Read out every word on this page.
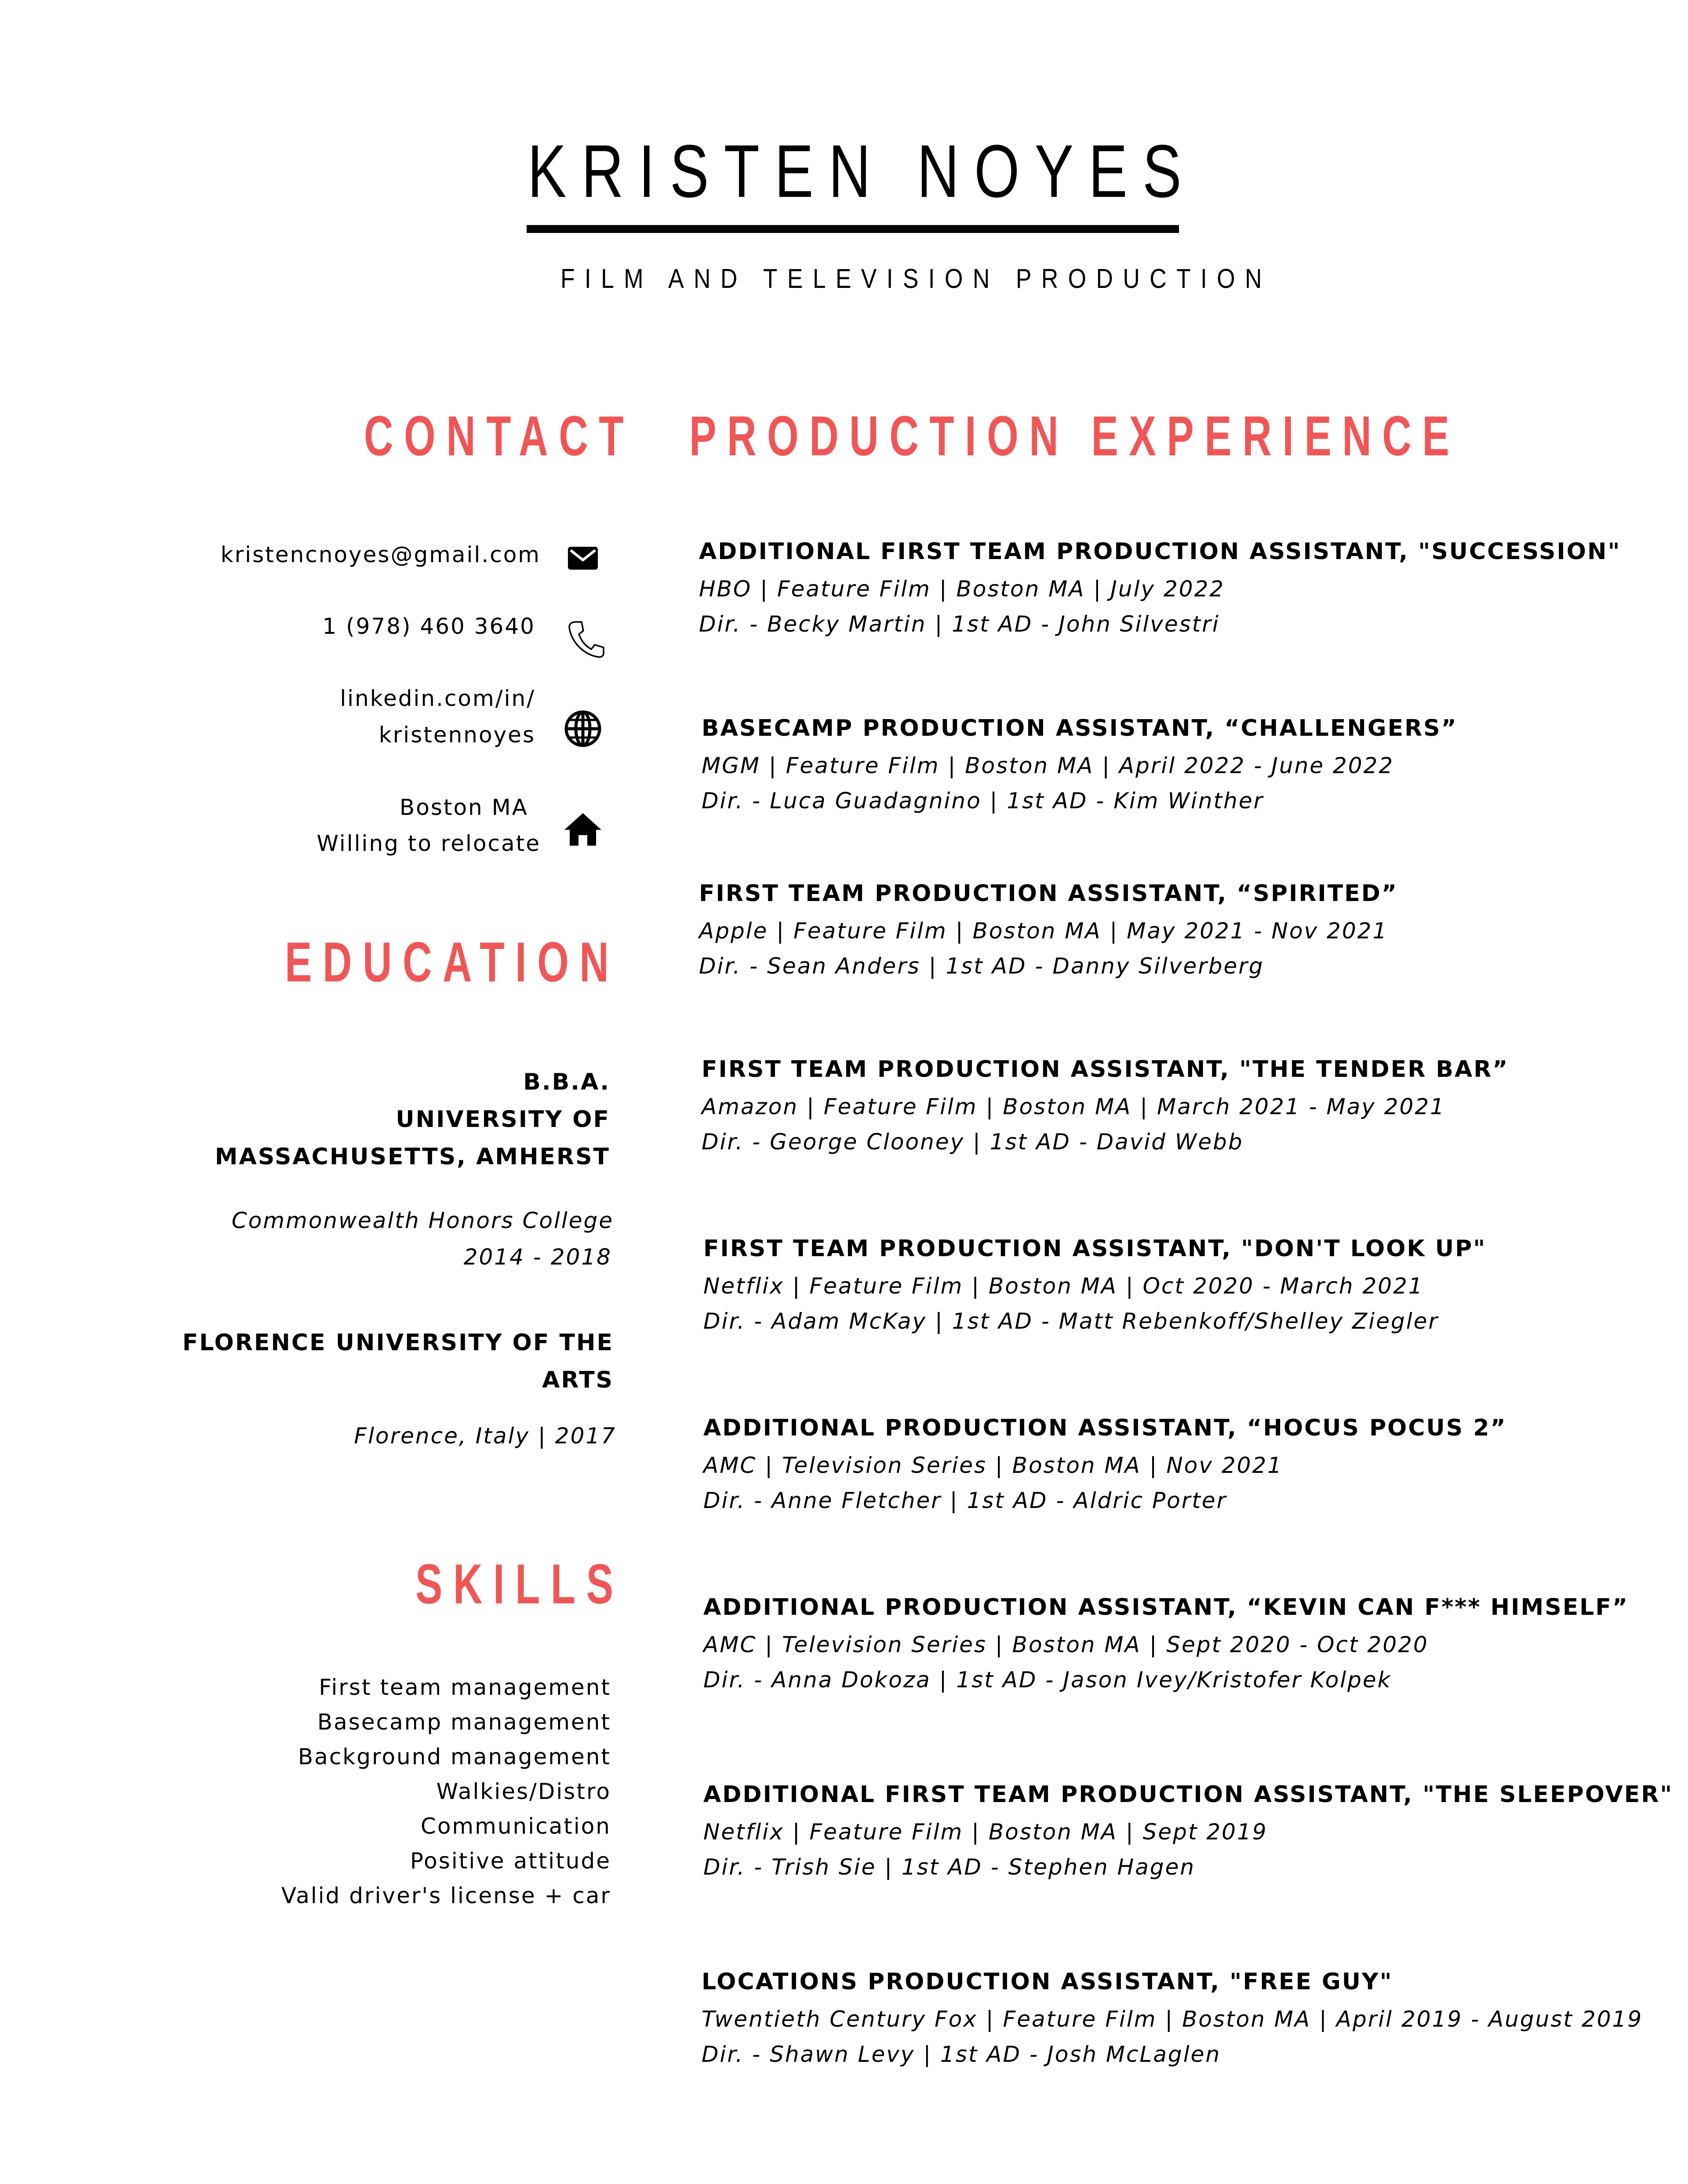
KRISTEN NOYES
FILM AND TELEVISION PRODUCTION
CONTACT PRODUCTION EXPERIENCE
EDUCATION
SKILLS
kristencnoyes@gmail.com
1 (978) 460 3640
linkedin.com/in/
kristennoyes
Boston MA
Willing to relocate
B.B.A.
UNIVERSITY OF
MASSACHUSETTS, AMHERST
Commonwealth Honors College
2014 - 2018
FLORENCE UNIVERSITY OF THE
ARTS
Florence, Italy | 2017
First team management
Basecamp management
Background management
Walkies/Distro
Communication
Positive attitude
Valid driver's license + car
ADDITIONAL FIRST TEAM PRODUCTION ASSISTANT, "SUCCESSION"
HBO | Feature Film | Boston MA | July 2022
Dir. - Becky Martin | 1st AD - John Silvestri
BASECAMP PRODUCTION ASSISTANT, “CHALLENGERS”
MGM | Feature Film | Boston MA | April 2022 - June 2022
Dir. - Luca Guadagnino | 1st AD - Kim Winther
FIRST TEAM PRODUCTION ASSISTANT, “SPIRITED”
Apple | Feature Film | Boston MA | May 2021 - Nov 2021
Dir. - Sean Anders | 1st AD - Danny Silverberg
FIRST TEAM PRODUCTION ASSISTANT, "THE TENDER BAR”
Amazon | Feature Film | Boston MA | March 2021 - May 2021
Dir. - George Clooney | 1st AD - David Webb
FIRST TEAM PRODUCTION ASSISTANT, "DON'T LOOK UP"
Netflix | Feature Film | Boston MA | Oct 2020 - March 2021
Dir. - Adam McKay | 1st AD - Matt Rebenkoff/Shelley Ziegler
ADDITIONAL PRODUCTION ASSISTANT, “HOCUS POCUS 2”
AMC | Television Series | Boston MA | Nov 2021
Dir. - Anne Fletcher | 1st AD - Aldric Porter
ADDITIONAL PRODUCTION ASSISTANT, “KEVIN CAN F*** HIMSELF”
AMC | Television Series | Boston MA | Sept 2020 - Oct 2020
Dir. - Anna Dokoza | 1st AD - Jason Ivey/Kristofer Kolpek
ADDITIONAL FIRST TEAM PRODUCTION ASSISTANT, "THE SLEEPOVER"
Netflix | Feature Film | Boston MA | Sept 2019
Dir. - Trish Sie | 1st AD - Stephen Hagen
LOCATIONS PRODUCTION ASSISTANT, "FREE GUY"
Twentieth Century Fox | Feature Film | Boston MA | April 2019 - August 2019
Dir. - Shawn Levy | 1st AD - Josh McLaglen
